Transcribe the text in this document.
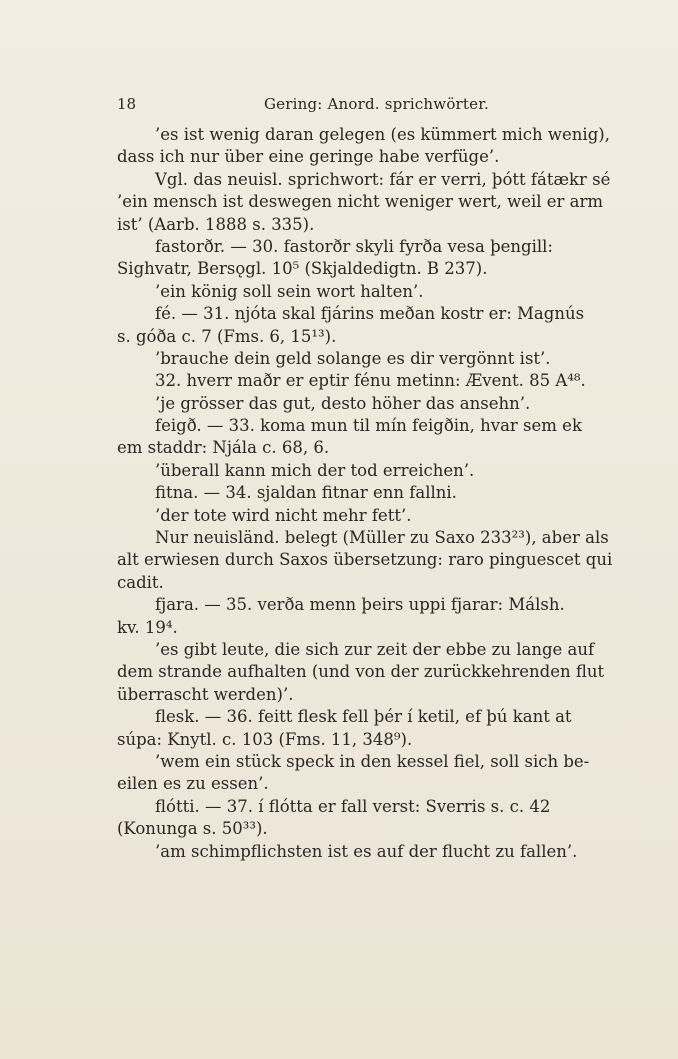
18	Gering: Anord. sprichwörter.
’es ist wenig daran gelegen (es kümmert mich wenig),
dass ich nur über eine geringe habe verfüge’.
Vgl. das neuisl. sprichwort: fár er verri, þótt fátækr sé
’ein mensch ist deswegen nicht weniger wert, weil er arm
ist’ (Aarb. 1888 s. 335).
fastorðr. — 30. fastorðr skyli fyrða vesa þengill:
Sighvatr, Bersǫgl. 10⁵ (Skjaldedigtn. B 237).
’ein könig soll sein wort halten’.
fé. — 31. njóta skal fjárins meðan kostr er: Magnús
s. góða c. 7 (Fms. 6, 15¹³).
’brauche dein geld solange es dir vergönnt ist’.
32. hverr maðr er eptir fénu metinn: Ævent. 85 A⁴⁸.
’je grösser das gut, desto höher das ansehn’.
feigð. — 33. koma mun til mín feigðin, hvar sem ek
em staddr: Njála c. 68, 6.
’überall kann mich der tod erreichen’.
fitna. — 34. sjaldan fitnar enn fallni.
’der tote wird nicht mehr fett’.
Nur neuisländ. belegt (Müller zu Saxo 233²³), aber als
alt erwiesen durch Saxos übersetzung: raro pinguescet qui
cadit.
fjara. — 35. verða menn þeirs uppi fjarar: Málsh.
kv. 19⁴.
’es gibt leute, die sich zur zeit der ebbe zu lange auf
dem strande aufhalten (und von der zurückkehrenden flut
überrascht werden)’.
flesk. — 36. feitt flesk fell þér í ketil, ef þú kant at
súpa: Knytl. c. 103 (Fms. 11, 348⁹).
’wem ein stück speck in den kessel fiel, soll sich be-
eilen es zu essen’.
flótti. — 37. í flótta er fall verst: Sverris s. c. 42
(Konunga s. 50³³).
’am schimpflichsten ist es auf der flucht zu fallen’.
